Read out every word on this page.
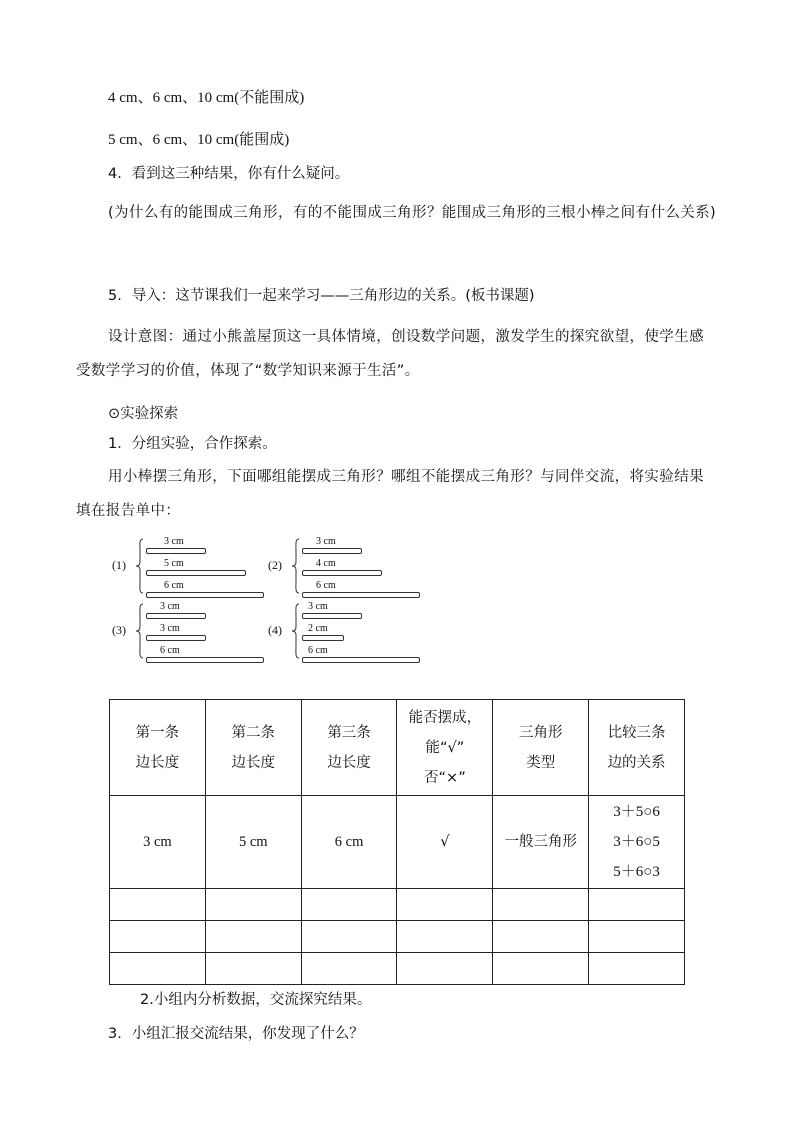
4 cm、6 cm、10 cm(不能围成)
5 cm、6 cm、10 cm(能围成)
4．看到这三种结果，你有什么疑问。
(为什么有的能围成三角形，有的不能围成三角形？能围成三角形的三根小棒之间有什么关系)
5．导入：这节课我们一起来学习——三角形边的关系。(板书课题)
设计意图：通过小熊盖屋顶这一具体情境，创设数学问题，激发学生的探究欲望，使学生感受数学学习的价值，体现了“数学知识来源于生活”。
⊙实验探索
1．分组实验，合作探索。
用小棒摆三角形，下面哪组能摆成三角形？哪组不能摆成三角形？与同伴交流，将实验结果填在报告单中：
(1)
3 cm
5 cm
6 cm
(2)
3 cm
4 cm
6 cm
(3)
3 cm
3 cm
6 cm
(4)
3 cm
2 cm
6 cm
第一条
边长度	第二条
边长度	第三条
边长度	能否摆成，
能“√”
否“×”	三角形
类型	比较三条
边的关系
3 cm	5 cm	6 cm	√	一般三角形	3＋5○6
3＋6○5
5＋6○3

2.小组内分析数据，交流探究结果。
3．小组汇报交流结果，你发现了什么？
